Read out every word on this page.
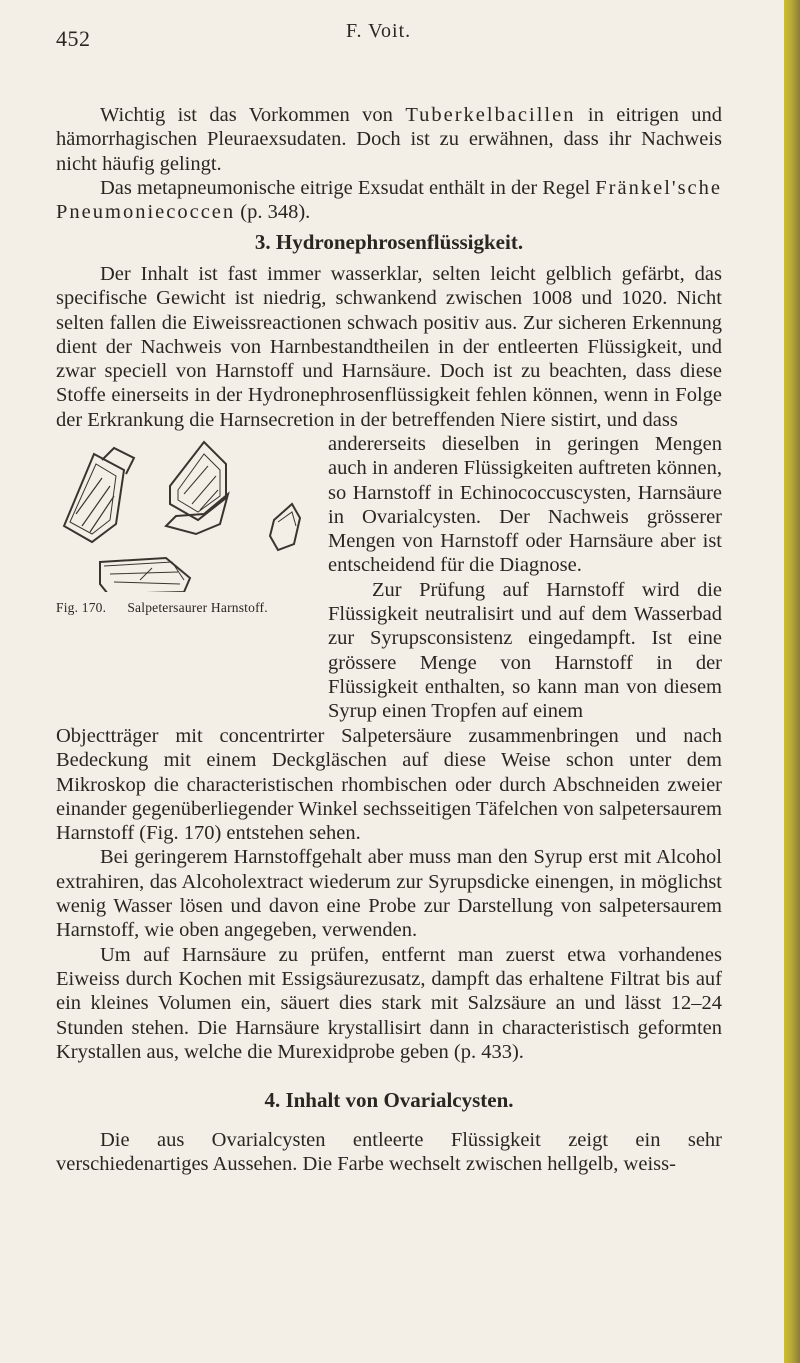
452	F. Voit.

Wichtig ist das Vorkommen von Tuberkelbacillen in eitrigen und hämorrhagischen Pleuraexsudaten. Doch ist zu erwähnen, dass ihr Nachweis nicht häufig gelingt.

Das metapneumonische eitrige Exsudat enthält in der Regel Fränkel'sche Pneumoniecoccen (p. 348).

3. Hydronephrosenflüssigkeit.

Der Inhalt ist fast immer wasserklar, selten leicht gelblich gefärbt, das specifische Gewicht ist niedrig, schwankend zwischen 1008 und 1020. Nicht selten fallen die Eiweissreactionen schwach positiv aus. Zur sicheren Erkennung dient der Nachweis von Harnbestandtheilen in der entleerten Flüssigkeit, und zwar speciell von Harnstoff und Harnsäure. Doch ist zu beachten, dass diese Stoffe einerseits in der Hydronephrosenflüssigkeit fehlen können, wenn in Folge der Erkrankung die Harnsecretion in der betreffenden Niere sistirt, und dass

Fig. 170. Salpetersaurer Harnstoff.

andererseits dieselben in geringen Mengen auch in anderen Flüssigkeiten auftreten können, so Harnstoff in Echinococcuscysten, Harnsäure in Ovarialcysten. Der Nachweis grösserer Mengen von Harnstoff oder Harnsäure aber ist entscheidend für die Diagnose.

Zur Prüfung auf Harnstoff wird die Flüssigkeit neutralisirt und auf dem Wasserbad zur Syrupsconsistenz eingedampft. Ist eine grössere Menge von Harnstoff in der Flüssigkeit enthalten, so kann man von diesem Syrup einen Tropfen auf einem

Objectträger mit concentrirter Salpetersäure zusammenbringen und nach Bedeckung mit einem Deckgläschen auf diese Weise schon unter dem Mikroskop die characteristischen rhombischen oder durch Abschneiden zweier einander gegenüberliegender Winkel sechsseitigen Täfelchen von salpetersaurem Harnstoff (Fig. 170) entstehen sehen.

Bei geringerem Harnstoffgehalt aber muss man den Syrup erst mit Alcohol extrahiren, das Alcoholextract wiederum zur Syrupsdicke einengen, in möglichst wenig Wasser lösen und davon eine Probe zur Darstellung von salpetersaurem Harnstoff, wie oben angegeben, verwenden.

Um auf Harnsäure zu prüfen, entfernt man zuerst etwa vorhandenes Eiweiss durch Kochen mit Essigsäurezusatz, dampft das erhaltene Filtrat bis auf ein kleines Volumen ein, säuert dies stark mit Salzsäure an und lässt 12–24 Stunden stehen. Die Harnsäure krystallisirt dann in characteristisch geformten Krystallen aus, welche die Murexidprobe geben (p. 433).

4. Inhalt von Ovarialcysten.

Die aus Ovarialcysten entleerte Flüssigkeit zeigt ein sehr verschiedenartiges Aussehen. Die Farbe wechselt zwischen hellgelb, weiss-
